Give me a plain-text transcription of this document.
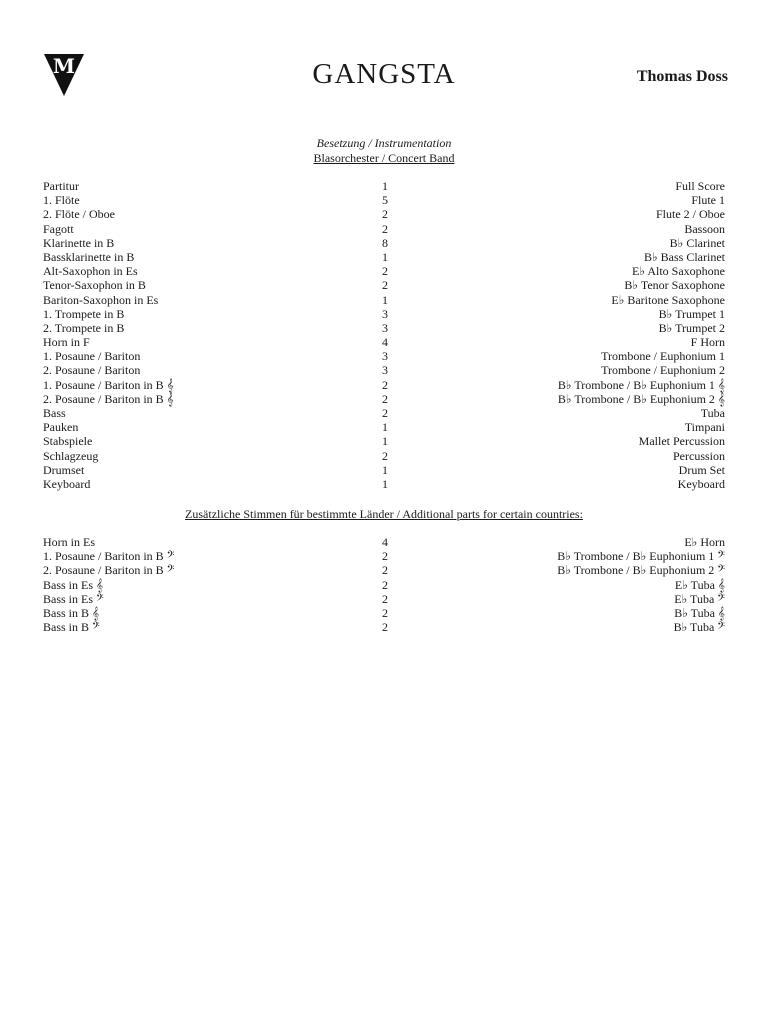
M	GANGSTA	Thomas Doss
Besetzung / Instrumentation
Blasorchester / Concert Band
Partitur	1	Full Score
1. Flöte	5	Flute 1
2. Flöte / Oboe	2	Flute 2 / Oboe
Fagott	2	Bassoon
Klarinette in B	8	B♭ Clarinet
Bassklarinette in B	1	B♭ Bass Clarinet
Alt-Saxophon in Es	2	E♭ Alto Saxophone
Tenor-Saxophon in B	2	B♭ Tenor Saxophone
Bariton-Saxophon in Es	1	E♭ Baritone Saxophone
1. Trompete in B	3	B♭ Trumpet 1
2. Trompete in B	3	B♭ Trumpet 2
Horn in F	4	F Horn
1. Posaune / Bariton	3	Trombone / Euphonium 1
2. Posaune / Bariton	3	Trombone / Euphonium 2
1. Posaune / Bariton in B 𝄞	2	B♭ Trombone / B♭ Euphonium 1 𝄞
2. Posaune / Bariton in B 𝄞	2	B♭ Trombone / B♭ Euphonium 2 𝄞
Bass	2	Tuba
Pauken	1	Timpani
Stabspiele	1	Mallet Percussion
Schlagzeug	2	Percussion
Drumset	1	Drum Set
Keyboard	1	Keyboard
Zusätzliche Stimmen für bestimmte Länder / Additional parts for certain countries:
Horn in Es	4	E♭ Horn
1. Posaune / Bariton in B 𝄢	2	B♭ Trombone / B♭ Euphonium 1 𝄢
2. Posaune / Bariton in B 𝄢	2	B♭ Trombone / B♭ Euphonium 2 𝄢
Bass in Es 𝄞	2	E♭ Tuba 𝄞
Bass in Es 𝄢	2	E♭ Tuba 𝄢
Bass in B 𝄞	2	B♭ Tuba 𝄞
Bass in B 𝄢	2	B♭ Tuba 𝄢
